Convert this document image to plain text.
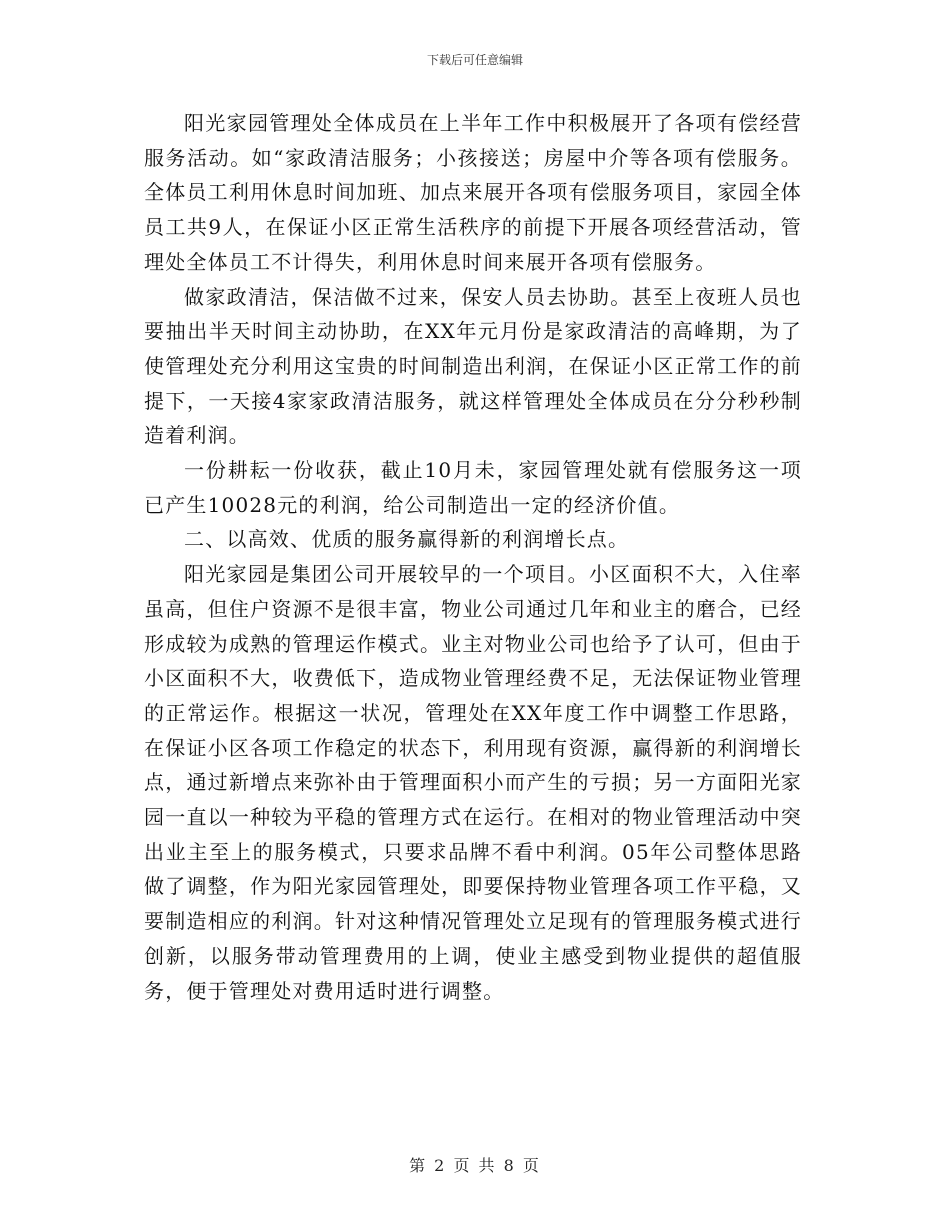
下载后可任意编辑

阳光家园管理处全体成员在上半年工作中积极展开了各项有偿经营服务活动。如“家政清洁服务；小孩接送；房屋中介等各项有偿服务。全体员工利用休息时间加班、加点来展开各项有偿服务项目，家园全体员工共9人，在保证小区正常生活秩序的前提下开展各项经营活动，管理处全体员工不计得失，利用休息时间来展开各项有偿服务。

做家政清洁，保洁做不过来，保安人员去协助。甚至上夜班人员也要抽出半天时间主动协助，在XX年元月份是家政清洁的高峰期，为了使管理处充分利用这宝贵的时间制造出利润，在保证小区正常工作的前提下，一天接4家家政清洁服务，就这样管理处全体成员在分分秒秒制造着利润。

一份耕耘一份收获，截止10月未，家园管理处就有偿服务这一项已产生10028元的利润，给公司制造出一定的经济价值。

二、以高效、优质的服务赢得新的利润增长点。

阳光家园是集团公司开展较早的一个项目。小区面积不大，入住率虽高，但住户资源不是很丰富，物业公司通过几年和业主的磨合，已经形成较为成熟的管理运作模式。业主对物业公司也给予了认可，但由于小区面积不大，收费低下，造成物业管理经费不足，无法保证物业管理的正常运作。根据这一状况，管理处在XX年度工作中调整工作思路，在保证小区各项工作稳定的状态下，利用现有资源，赢得新的利润增长点，通过新增点来弥补由于管理面积小而产生的亏损；另一方面阳光家园一直以一种较为平稳的管理方式在运行。在相对的物业管理活动中突出业主至上的服务模式，只要求品牌不看中利润。05年公司整体思路做了调整，作为阳光家园管理处，即要保持物业管理各项工作平稳，又要制造相应的利润。针对这种情况管理处立足现有的管理服务模式进行创新，以服务带动管理费用的上调，使业主感受到物业提供的超值服务，便于管理处对费用适时进行调整。

第 2 页 共 8 页
